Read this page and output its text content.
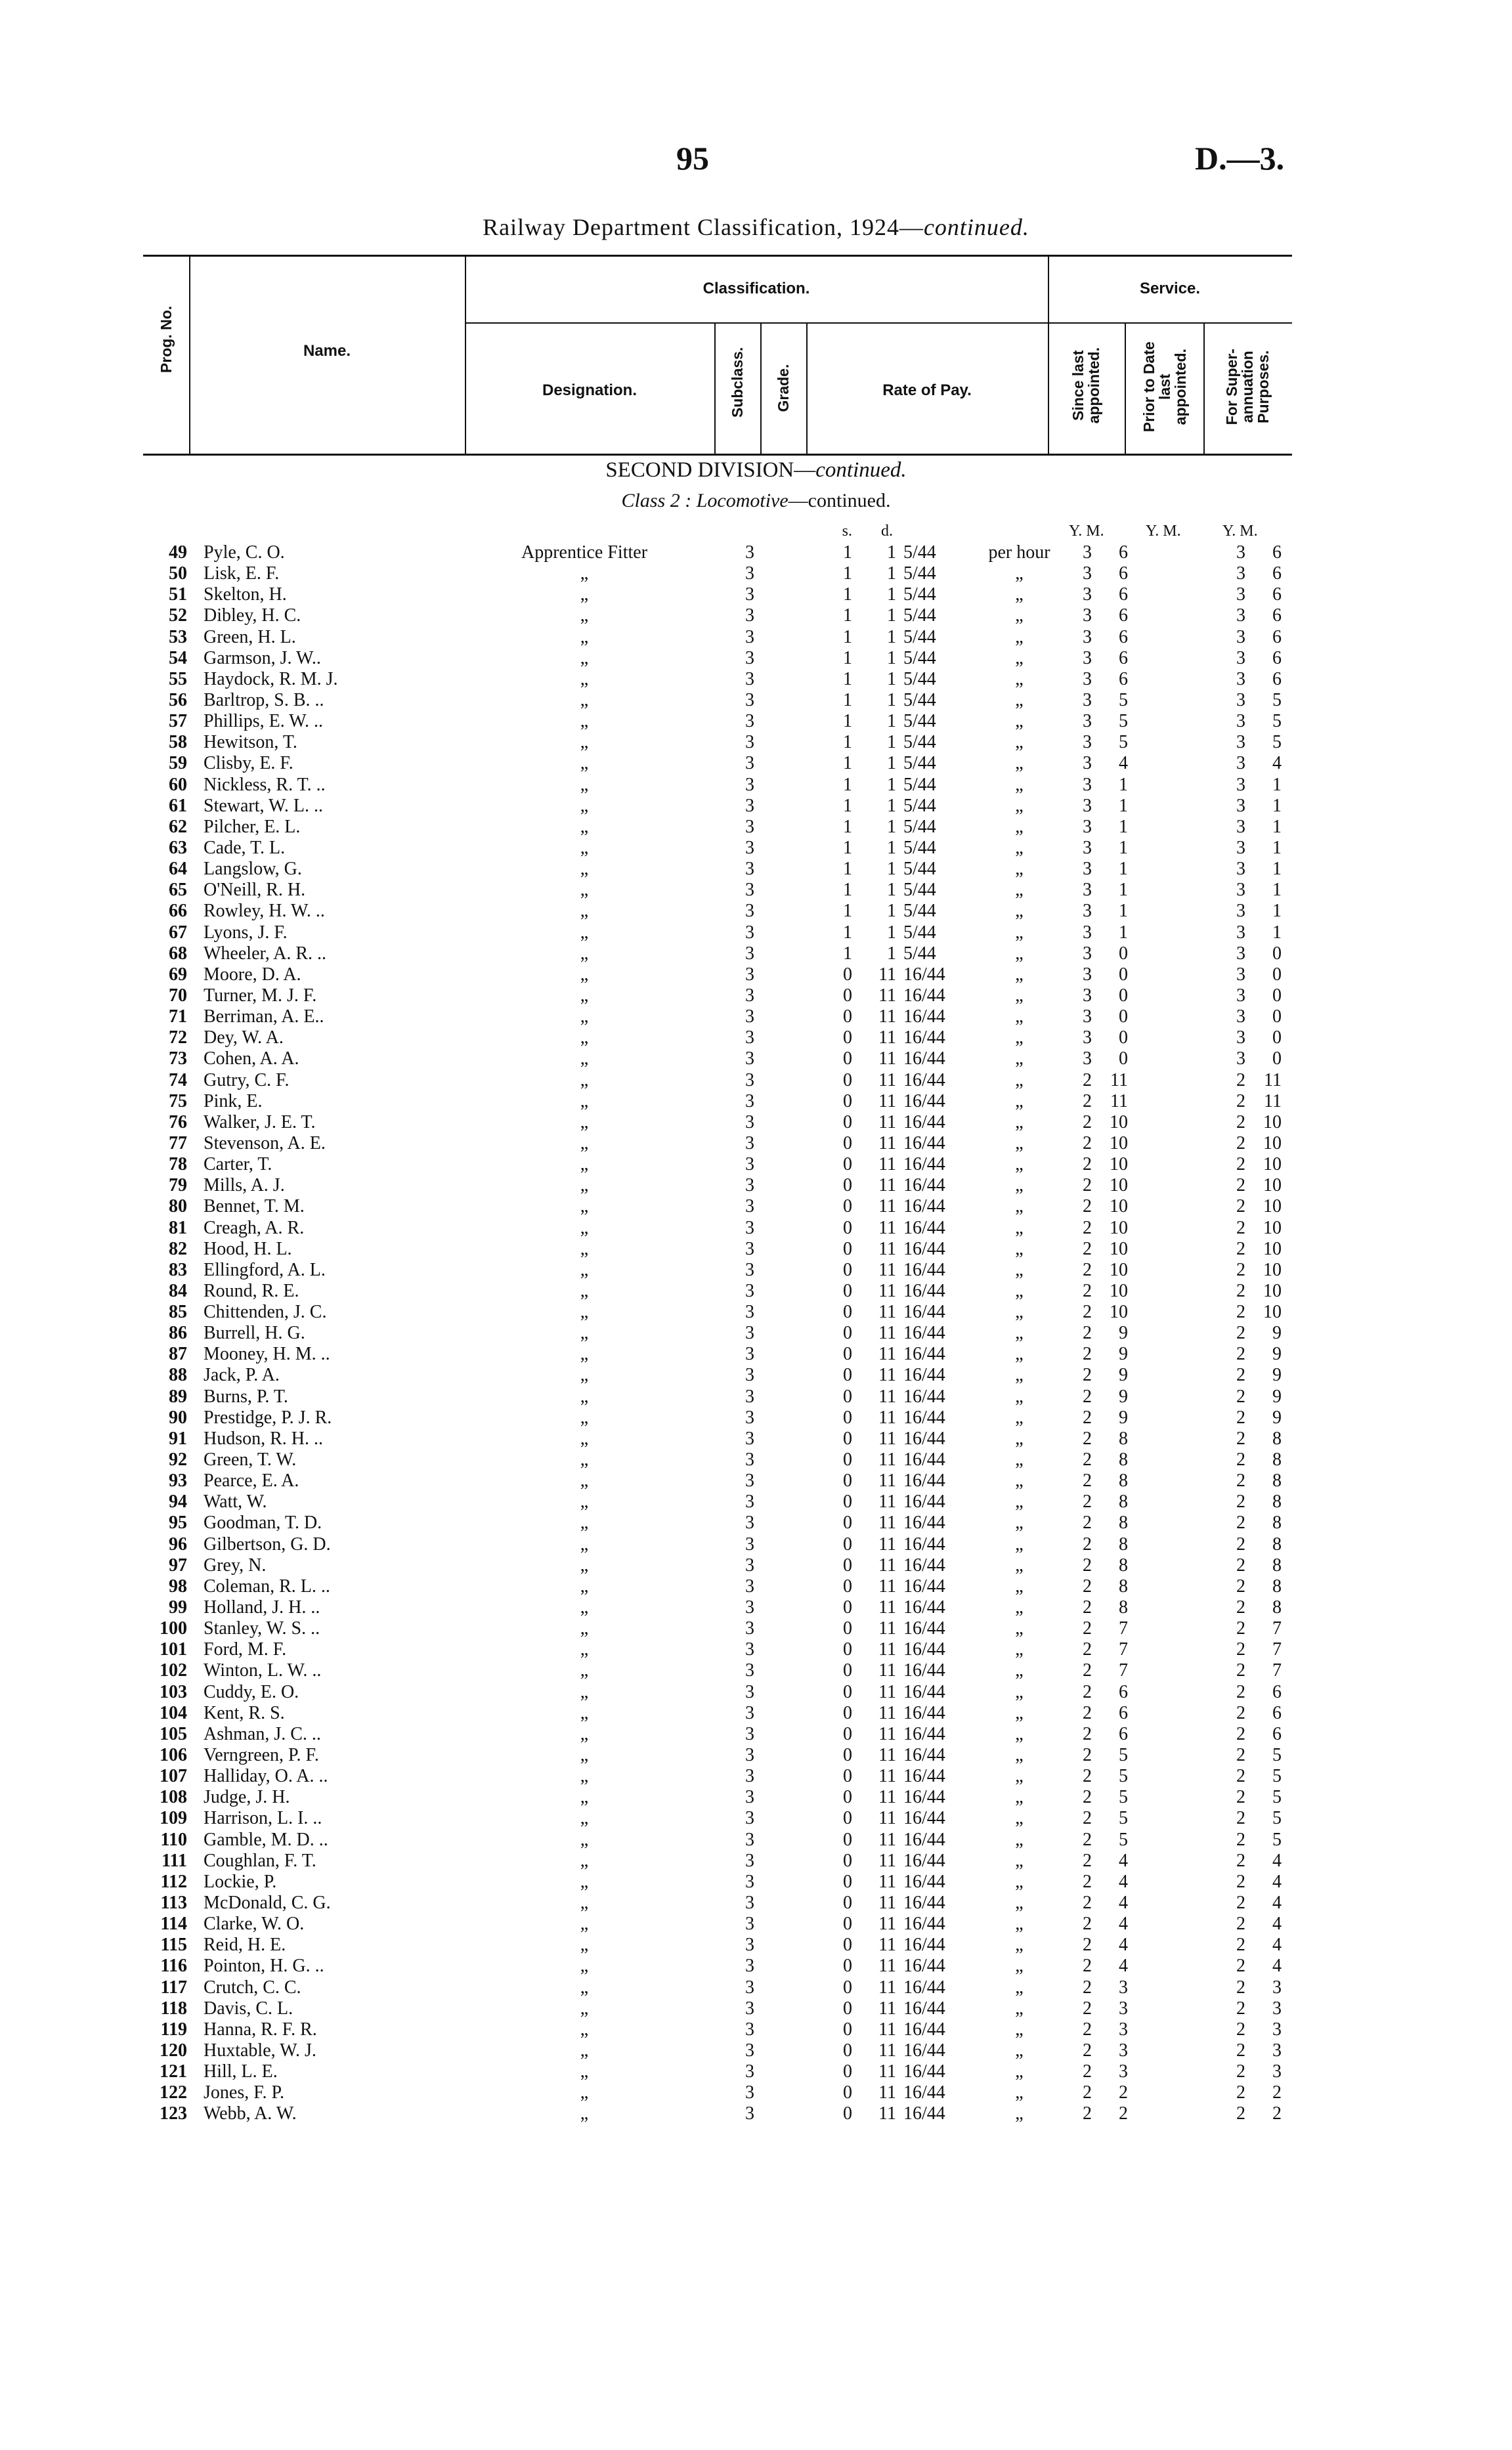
95	D.—3.
Railway Department Classification, 1924—continued.
Prog. No.	Name.
Classification.
Designation.	Subclass. Grade.	Rate of Pay.
Service.
Since last appointed.	Prior to Date last appointed. For Super- annuation Purposes.
SECOND DIVISION—continued.
Class 2 : Locomotive—continued.
s.	d.	Y. M.	Y. M.	Y. M.
49 Pyle, C. O.	Apprentice Fitter	3	1	1 5/44	per hour	3	6	3	6
50 Lisk, E. F.	„	3	1	1 5/44	„	3	6	3	6
51 Skelton, H.	„	3	1	1 5/44	„	3	6	3	6
52 Dibley, H. C.	„	3	1	1 5/44	„	3	6	3	6
53 Green, H. L.	„	3	1	1 5/44	„	3	6	3	6
54 Garmson, J. W..	„	3	1	1 5/44	„	3	6	3	6
55 Haydock, R. M. J.	„	3	1	1 5/44	„	3	6	3	6
56 Barltrop, S. B. ..	„	3	1	1 5/44	„	3	5	3	5
57 Phillips, E. W. ..	„	3	1	1 5/44	„	3	5	3	5
58 Hewitson, T.	„	3	1	1 5/44	„	3	5	3	5
59 Clisby, E. F.	„	3	1	1 5/44	„	3	4	3	4
60 Nickless, R. T. ..	„	3	1	1 5/44	„	3	1	3	1
61 Stewart, W. L. ..	„	3	1	1 5/44	„	3	1	3	1
62 Pilcher, E. L.	„	3	1	1 5/44	„	3	1	3	1
63 Cade, T. L.	„	3	1	1 5/44	„	3	1	3	1
64 Langslow, G.	„	3	1	1 5/44	„	3	1	3	1
65 O'Neill, R. H.	„	3	1	1 5/44	„	3	1	3	1
66 Rowley, H. W. ..	„	3	1	1 5/44	„	3	1	3	1
67 Lyons, J. F.	„	3	1	1 5/44	„	3	1	3	1
68 Wheeler, A. R. ..	„	3	1	1 5/44	„	3	0	3	0
69 Moore, D. A.	„	3	0	11 16/44	„	3	0	3	0
70 Turner, M. J. F.	„	3	0	11 16/44	„	3	0	3	0
71 Berriman, A. E..	„	3	0	11 16/44	„	3	0	3	0
72 Dey, W. A.	„	3	0	11 16/44	„	3	0	3	0
73 Cohen, A. A.	„	3	0	11 16/44	„	3	0	3	0
74 Gutry, C. F.	„	3	0	11 16/44	„	2	11	2	11
75 Pink, E.	„	3	0	11 16/44	„	2	11	2	11
76 Walker, J. E. T.	„	3	0	11 16/44	„	2 10	2 10
77 Stevenson, A. E.	„	3	0	11 16/44	„	2 10	2 10
78 Carter, T.	„	3	0	11 16/44	„	2 10	2 10
79 Mills, A. J.	„	3	0	11 16/44	„	2 10	2 10
80 Bennet, T. M.	„	3	0	11 16/44	„	2 10	2 10
81 Creagh, A. R.	„	3	0	11 16/44	„	2 10	2 10
82 Hood, H. L.	„	3	0	11 16/44	„	2 10	2 10
83 Ellingford, A. L.	„	3	0	11 16/44	„	2 10	2 10
84 Round, R. E.	„	3	0	11 16/44	„	2 10	2 10
85 Chittenden, J. C.	„	3	0	11 16/44	„	2 10	2 10
86 Burrell, H. G.	„	3	0	11 16/44	„	2	9	2	9
87 Mooney, H. M. ..	„	3	0	11 16/44	„	2	9	2	9
88 Jack, P. A.	„	3	0	11 16/44	„	2	9	2	9
89 Burns, P. T.	„	3	0	11 16/44	„	2	9	2	9
90 Prestidge, P. J. R.	„	3	0	11 16/44	„	2	9	2	9
91 Hudson, R. H. ..	„	3	0	11 16/44	„	2	8	2	8
92 Green, T. W.	„	3	0	11 16/44	„	2	8	2	8
93 Pearce, E. A.	„	3	0	11 16/44	„	2	8	2	8
94 Watt, W.	„	3	0	11 16/44	„	2	8	2	8
95 Goodman, T. D.	„	3	0	11 16/44	„	2	8	2	8
96 Gilbertson, G. D.	„	3	0	11 16/44	„	2	8	2	8
97 Grey, N.	„	3	0	11 16/44	„	2	8	2	8
98 Coleman, R. L. ..	„	3	0	11 16/44	„	2	8	2	8
99 Holland, J. H. ..	„	3	0	11 16/44	„	2	8	2	8
100 Stanley, W. S. ..	„	3	0	11 16/44	„	2	7	2	7
101 Ford, M. F.	„	3	0	11 16/44	„	2	7	2	7
102 Winton, L. W. ..	„	3	0	11 16/44	„	2	7	2	7
103 Cuddy, E. O.	„	3	0	11 16/44	„	2	6	2	6
104 Kent, R. S.	„	3	0	11 16/44	„	2	6	2	6
105 Ashman, J. C. ..	„	3	0	11 16/44	„	2	6	2	6
106 Verngreen, P. F.	„	3	0	11 16/44	„	2	5	2	5
107 Halliday, O. A. ..	„	3	0	11 16/44	„	2	5	2	5
108 Judge, J. H.	„	3	0	11 16/44	„	2	5	2	5
109 Harrison, L. I. ..	„	3	0	11 16/44	„	2	5	2	5
110 Gamble, M. D. ..	„	3	0	11 16/44	„	2	5	2	5
111 Coughlan, F. T.	„	3	0	11 16/44	„	2	4	2	4
112 Lockie, P.	„	3	0	11 16/44	„	2	4	2	4
113 McDonald, C. G.	„	3	0	11 16/44	„	2	4	2	4
114 Clarke, W. O.	„	3	0	11 16/44	„	2	4	2	4
115 Reid, H. E.	„	3	0	11 16/44	„	2	4	2	4
116 Pointon, H. G. ..	„	3	0	11 16/44	„	2	4	2	4
117 Crutch, C. C.	„	3	0	11 16/44	„	2	3	2	3
118 Davis, C. L.	„	3	0	11 16/44	„	2	3	2	3
119 Hanna, R. F. R.	„	3	0	11 16/44	„	2	3	2	3
120 Huxtable, W. J.	„	3	0	11 16/44	„	2	3	2	3
121 Hill, L. E.	„	3	0	11 16/44	„	2	3	2	3
122 Jones, F. P.	„	3	0	11 16/44	„	2	2	2	2
123 Webb, A. W.	„	3	0	11 16/44	„	2	2	2	2
